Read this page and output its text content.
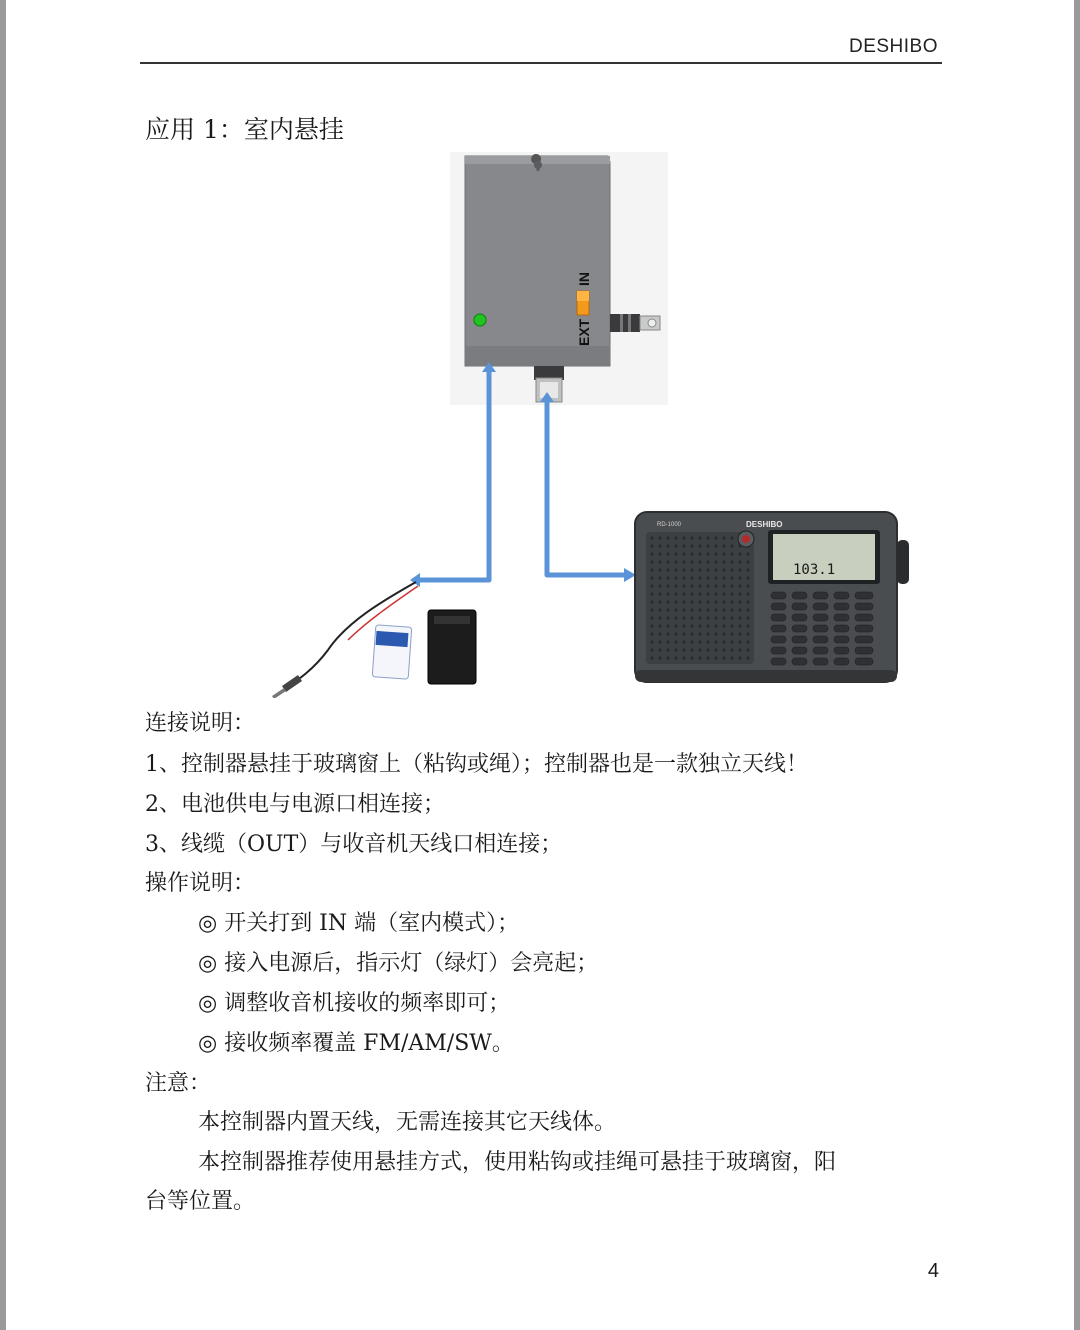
DESHIBO
应用 1：室内悬挂
IN
EXT
DESHIBO
RD-1000
103.1
连接说明：
1、控制器悬挂于玻璃窗上（粘钩或绳）；控制器也是一款独立天线！
2、电池供电与电源口相连接；
3、线缆（OUT）与收音机天线口相连接；
操作说明：
◎ 开关打到 IN 端（室内模式）；
◎ 接入电源后，指示灯（绿灯）会亮起；
◎ 调整收音机接收的频率即可；
◎ 接收频率覆盖 FM/AM/SW。
注意：
本控制器内置天线，无需连接其它天线体。
本控制器推荐使用悬挂方式，使用粘钩或挂绳可悬挂于玻璃窗，阳
台等位置。
4
